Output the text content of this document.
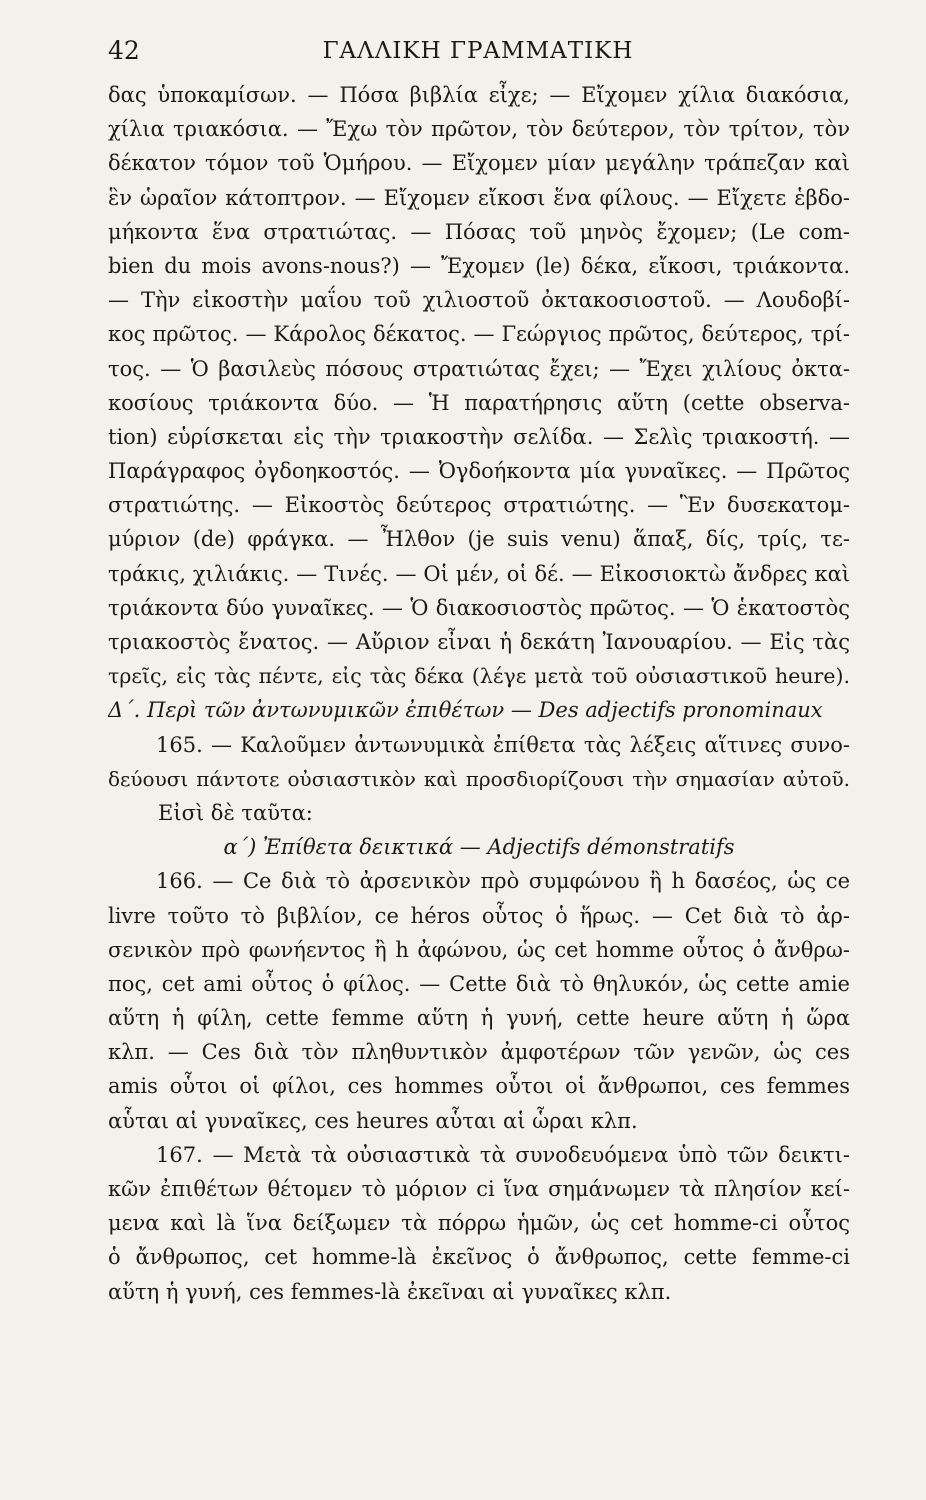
42	ΓΑΛΛΙΚΗ ΓΡΑΜΜΑΤΙΚΗ
δας ὑποκαμίσων. — Πόσα βιβλία εἶχε; — Εἴχομεν χίλια διακόσια,
χίλια τριακόσια. — Ἔχω τὸν πρῶτον, τὸν δεύτερον, τὸν τρίτον, τὸν
δέκατον τόμον τοῦ Ὁμήρου. — Εἴχομεν μίαν μεγάλην τράπεζαν καὶ
ἓν ὡραῖον κάτοπτρον. — Εἴχομεν εἴκοσι ἕνα φίλους. — Εἴχετε ἑβδο-
μήκοντα ἕνα στρατιώτας. — Πόσας τοῦ μηνὸς ἔχομεν; (Le com-
bien du mois avons-nous?) — Ἔχομεν (le) δέκα, εἴκοσι, τριάκοντα.
— Τὴν εἰκοστὴν μαΐου τοῦ χιλιοστοῦ ὀκτακοσιοστοῦ. — Λουδοβί-
κος πρῶτος. — Κάρολος δέκατος. — Γεώργιος πρῶτος, δεύτερος, τρί-
τος. — Ὁ βασιλεὺς πόσους στρατιώτας ἔχει; — Ἔχει χιλίους ὀκτα-
κοσίους τριάκοντα δύο. — Ἡ παρατήρησις αὕτη (cette observa-
tion) εὑρίσκεται εἰς τὴν τριακοστὴν σελίδα. — Σελὶς τριακοστή. —
Παράγραφος ὀγδοηκοστός. — Ὀγδοήκοντα μία γυναῖκες. — Πρῶτος
στρατιώτης. — Εἰκοστὸς δεύτερος στρατιώτης. — Ἓν δυσεκατομ-
μύριον (de) φράγκα. — Ἦλθον (je suis venu) ἅπαξ, δίς, τρίς, τε-
τράκις, χιλιάκις. — Τινές. — Οἱ μέν, οἱ δέ. — Εἰκοσιοκτὼ ἄνδρες καὶ
τριάκοντα δύο γυναῖκες. — Ὁ διακοσιοστὸς πρῶτος. — Ὁ ἑκατοστὸς
τριακοστὸς ἔνατος. — Αὔριον εἶναι ἡ δεκάτη Ἰανουαρίου. — Εἰς τὰς
τρεῖς, εἰς τὰς πέντε, εἰς τὰς δέκα (λέγε μετὰ τοῦ οὐσιαστικοῦ heure).
Δ΄. Περὶ τῶν ἀντωνυμικῶν ἐπιθέτων — Des adjectifs pronominaux
165. — Καλοῦμεν ἀντωνυμικὰ ἐπίθετα τὰς λέξεις αἵτινες συνο-
δεύουσι πάντοτε οὐσιαστικὸν καὶ προσδιορίζουσι τὴν σημασίαν αὐτοῦ.
Εἰσὶ δὲ ταῦτα:
α΄) Ἐπίθετα δεικτικά — Adjectifs démonstratifs
166. — Ce διὰ τὸ ἀρσενικὸν πρὸ συμφώνου ἢ h δασέος, ὡς ce
livre τοῦτο τὸ βιβλίον, ce héros οὗτος ὁ ἥρως. — Cet διὰ τὸ ἀρ-
σενικὸν πρὸ φωνήεντος ἢ h ἀφώνου, ὡς cet homme οὗτος ὁ ἄνθρω-
πος, cet ami οὗτος ὁ φίλος. — Cette διὰ τὸ θηλυκόν, ὡς cette amie
αὕτη ἡ φίλη, cette femme αὕτη ἡ γυνή, cette heure αὕτη ἡ ὥρα
κλπ. — Ces διὰ τὸν πληθυντικὸν ἀμφοτέρων τῶν γενῶν, ὡς ces
amis οὗτοι οἱ φίλοι, ces hommes οὗτοι οἱ ἄνθρωποι, ces femmes
αὗται αἱ γυναῖκες, ces heures αὗται αἱ ὧραι κλπ.
167. — Μετὰ τὰ οὐσιαστικὰ τὰ συνοδευόμενα ὑπὸ τῶν δεικτι-
κῶν ἐπιθέτων θέτομεν τὸ μόριον ci ἵνα σημάνωμεν τὰ πλησίον κεί-
μενα καὶ là ἵνα δείξωμεν τὰ πόρρω ἡμῶν, ὡς cet homme-ci οὗτος
ὁ ἄνθρωπος, cet homme-là ἐκεῖνος ὁ ἄνθρωπος, cette femme-ci
αὕτη ἡ γυνή, ces femmes-là ἐκεῖναι αἱ γυναῖκες κλπ.
